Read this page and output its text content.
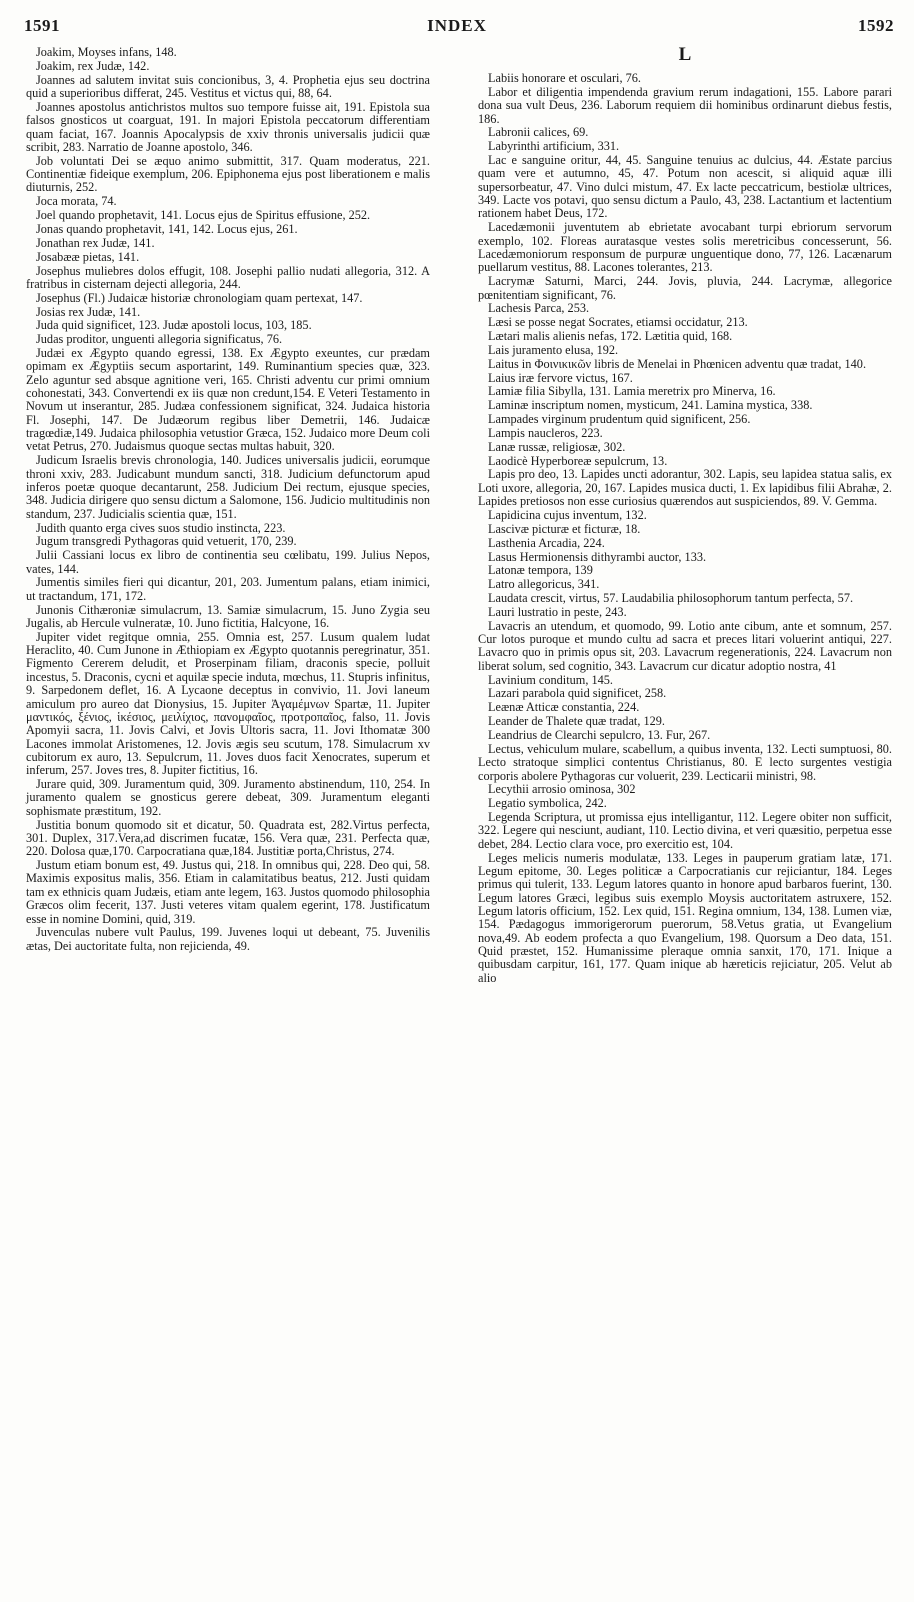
1591	INDEX	1592

Joakim, Moyses infans, 148.

Joakim, rex Judæ, 142.

Joannes ad salutem invitat suis concionibus, 3, 4. Prophetia ejus seu doctrina quid a superioribus differat, 245. Vestitus et victus qui, 88, 64.

Joannes apostolus antichristos multos suo tempore fuisse ait, 191. Epistola sua falsos gnosticos ut coarguat, 191. In majori Epistola peccatorum differentiam quam faciat, 167. Joannis Apocalypsis de xxiv thronis universalis judicii quæ scribit, 283. Narratio de Joanne apostolo, 346.

Job voluntati Dei se æquo animo submittit, 317. Quam moderatus, 221. Continentiæ fideique exemplum, 206. Epiphonema ejus post liberationem e malis diuturnis, 252.

Joca morata, 74.

Joel quando prophetavit, 141. Locus ejus de Spiritus effusione, 252.

Jonas quando prophetavit, 141, 142. Locus ejus, 261.

Jonathan rex Judæ, 141.

Josabææ pietas, 141.

Josephus muliebres dolos effugit, 108. Josephi pallio nudati allegoria, 312. A fratribus in cisternam dejecti allegoria, 244.

Josephus (Fl.) Judaicæ historiæ chronologiam quam pertexat, 147.

Josias rex Judæ, 141.

Juda quid significet, 123. Judæ apostoli locus, 103, 185.

Judas proditor, unguenti allegoria significatus, 76.

Judæi ex Ægypto quando egressi, 138. Ex Ægypto exeuntes, cur prædam opimam ex Ægyptiis secum asportarint, 149. Ruminantium species quæ, 323. Zelo aguntur sed absque agnitione veri, 165. Christi adventu cur primi omnium cohonestati, 343. Convertendi ex iis quæ non credunt,154. E Veteri Testamento in Novum ut inserantur, 285. Judæa confessionem significat, 324. Judaica historia Fl. Josephi, 147. De Judæorum regibus liber Demetrii, 146. Judaicæ tragœdiæ,149. Judaica philosophia vetustior Græca, 152. Judaico more Deum coli vetat Petrus, 270. Judaismus quoque sectas multas habuit, 320.

Judicum Israelis brevis chronologia, 140. Judices universalis judicii, eorumque throni xxiv, 283. Judicabunt mundum sancti, 318. Judicium defunctorum apud inferos poetæ quoque decantarunt, 258. Judicium Dei rectum, ejusque species, 348. Judicia dirigere quo sensu dictum a Salomone, 156. Judicio multitudinis non standum, 237. Judicialis scientia quæ, 151.

Judith quanto erga cives suos studio instincta, 223.

Jugum transgredi Pythagoras quid vetuerit, 170, 239.

Julii Cassiani locus ex libro de continentia seu cœlibatu, 199. Julius Nepos, vates, 144.

Jumentis similes fieri qui dicantur, 201, 203. Jumentum palans, etiam inimici, ut tractandum, 171, 172.

Junonis Cithæroniæ simulacrum, 13. Samiæ simulacrum, 15. Juno Zygia seu Jugalis, ab Hercule vulneratæ, 10. Juno fictitia, Halcyone, 16.

Jupiter videt regitque omnia, 255. Omnia est, 257. Lusum qualem ludat Heraclito, 40. Cum Junone in Æthiopiam ex Ægypto quotannis peregrinatur, 351. Figmento Cererem deludit, et Proserpinam filiam, draconis specie, polluit incestus, 5. Draconis, cycni et aquilæ specie induta, mœchus, 11. Stupris infinitus, 9. Sarpedonem deflet, 16. A Lycaone deceptus in convivio, 11. Jovi laneum amiculum pro aureo dat Dionysius, 15. Jupiter Ἀγαμέμνων Spartæ, 11. Jupiter μαντικός, ξένιος, ἱκέσιος, μειλίχιος, πανομφαῖος, προτροπαῖος, falso, 11. Jovis Apomyii sacra, 11. Jovis Calvi, et Jovis Ultoris sacra, 11. Jovi Ithomatæ 300 Lacones immolat Aristomenes, 12. Jovis ægis seu scutum, 178. Simulacrum xv cubitorum ex auro, 13. Sepulcrum, 11. Joves duos facit Xenocrates, superum et inferum, 257. Joves tres, 8. Jupiter fictitius, 16.

Jurare quid, 309. Juramentum quid, 309. Juramento abstinendum, 110, 254. In juramento qualem se gnosticus gerere debeat, 309. Juramentum eleganti sophismate præstitum, 192.

Justitia bonum quomodo sit et dicatur, 50. Quadrata est, 282.Virtus perfecta, 301. Duplex, 317.Vera,ad discrimen fucatæ, 156. Vera quæ, 231. Perfecta quæ, 220. Dolosa quæ,170. Carpocratiana quæ,184. Justitiæ porta,Christus, 274.

Justum etiam bonum est, 49. Justus qui, 218. In omnibus qui, 228. Deo qui, 58. Maximis expositus malis, 356. Etiam in calamitatibus beatus, 212. Justi quidam tam ex ethnicis quam Judæis, etiam ante legem, 163. Justos quomodo philosophia Græcos olim fecerit, 137. Justi veteres vitam qualem egerint, 178. Justificatum esse in nomine Domini, quid, 319.

Juvenculas nubere vult Paulus, 199. Juvenes loqui ut debeant, 75. Juvenilis ætas, Dei auctoritate fulta, non rejicienda, 49.

L

Labiis honorare et osculari, 76.

Labor et diligentia impendenda gravium rerum indagationi, 155. Labore parari dona sua vult Deus, 236. Laborum requiem dii hominibus ordinarunt diebus festis, 186.

Labronii calices, 69.

Labyrinthi artificium, 331.

Lac e sanguine oritur, 44, 45. Sanguine tenuius ac dulcius, 44. Æstate parcius quam vere et autumno, 45, 47. Potum non acescit, si aliquid aquæ illi supersorbeatur, 47. Vino dulci mistum, 47. Ex lacte peccatricum, bestiolæ ultrices, 349. Lacte vos potavi, quo sensu dictum a Paulo, 43, 238. Lactantium et lactentium rationem habet Deus, 172.

Lacedæmonii juventutem ab ebrietate avocabant turpi ebriorum servorum exemplo, 102. Floreas auratasque vestes solis meretricibus concesserunt, 56. Lacedæmoniorum responsum de purpuræ unguentique dono, 77, 126. Lacænarum puellarum vestitus, 88. Lacones tolerantes, 213.

Lacrymæ Saturni, Marci, 244. Jovis, pluvia, 244. Lacrymæ, allegorice pœnitentiam significant, 76.

Lachesis Parca, 253.

Læsi se posse negat Socrates, etiamsi occidatur, 213.

Lætari malis alienis nefas, 172. Lætitia quid, 168.

Lais juramento elusa, 192.

Laitus in Φοινικικῶν libris de Menelai in Phœnicen adventu quæ tradat, 140.

Laius iræ fervore victus, 167.

Lamiæ filia Sibylla, 131. Lamia meretrix pro Minerva, 16.

Laminæ inscriptum nomen, mysticum, 241. Lamina mystica, 338.

Lampades virginum prudentum quid significent, 256.

Lampis naucleros, 223.

Lanæ russæ, religiosæ, 302.

Laodicè Hyperboreæ sepulcrum, 13.

Lapis pro deo, 13. Lapides uncti adorantur, 302. Lapis, seu lapidea statua salis, ex Loti uxore, allegoria, 20, 167. Lapides musica ducti, 1. Ex lapidibus filii Abrahæ, 2. Lapides pretiosos non esse curiosius quærendos aut suspiciendos, 89. V. Gemma.

Lapidicina cujus inventum, 132.

Lascivæ picturæ et ficturæ, 18.

Lasthenia Arcadia, 224.

Lasus Hermionensis dithyrambi auctor, 133.

Latonæ tempora, 139

Latro allegoricus, 341.

Laudata crescit, virtus, 57. Laudabilia philosophorum tantum perfecta, 57.

Lauri lustratio in peste, 243.

Lavacris an utendum, et quomodo, 99. Lotio ante cibum, ante et somnum, 257. Cur lotos puroque et mundo cultu ad sacra et preces litari voluerint antiqui, 227. Lavacro quo in primis opus sit, 203. Lavacrum regenerationis, 224. Lavacrum non liberat solum, sed cognitio, 343. Lavacrum cur dicatur adoptio nostra, 41

Lavinium conditum, 145.

Lazari parabola quid significet, 258.

Leænæ Atticæ constantia, 224.

Leander de Thalete quæ tradat, 129.

Leandrius de Clearchi sepulcro, 13. Fur, 267.

Lectus, vehiculum mulare, scabellum, a quibus inventa, 132. Lecti sumptuosi, 80. Lecto stratoque simplici contentus Christianus, 80. E lecto surgentes vestigia corporis abolere Pythagoras cur voluerit, 239. Lecticarii ministri, 98.

Lecythii arrosio ominosa, 302

Legatio symbolica, 242.

Legenda Scriptura, ut promissa ejus intelligantur, 112. Legere obiter non sufficit, 322. Legere qui nesciunt, audiant, 110. Lectio divina, et veri quæsitio, perpetua esse debet, 284. Lectio clara voce, pro exercitio est, 104.

Leges melicis numeris modulatæ, 133. Leges in pauperum gratiam latæ, 171. Legum epitome, 30. Leges politicæ a Carpocratianis cur rejiciantur, 184. Leges primus qui tulerit, 133. Legum latores quanto in honore apud barbaros fuerint, 130. Legum latores Græci, legibus suis exemplo Moysis auctoritatem astruxere, 152. Legum latoris officium, 152. Lex quid, 151. Regina omnium, 134, 138. Lumen viæ, 154. Pædagogus immorigerorum puerorum, 58.Vetus gratia, ut Evangelium nova,49. Ab eodem profecta a quo Evangelium, 198. Quorsum a Deo data, 151. Quid præstet, 152. Humanissime pleraque omnia sanxit, 170, 171. Inique a quibusdam carpitur, 161, 177. Quam inique ab hæreticis rejiciatur, 205. Velut ab alio
